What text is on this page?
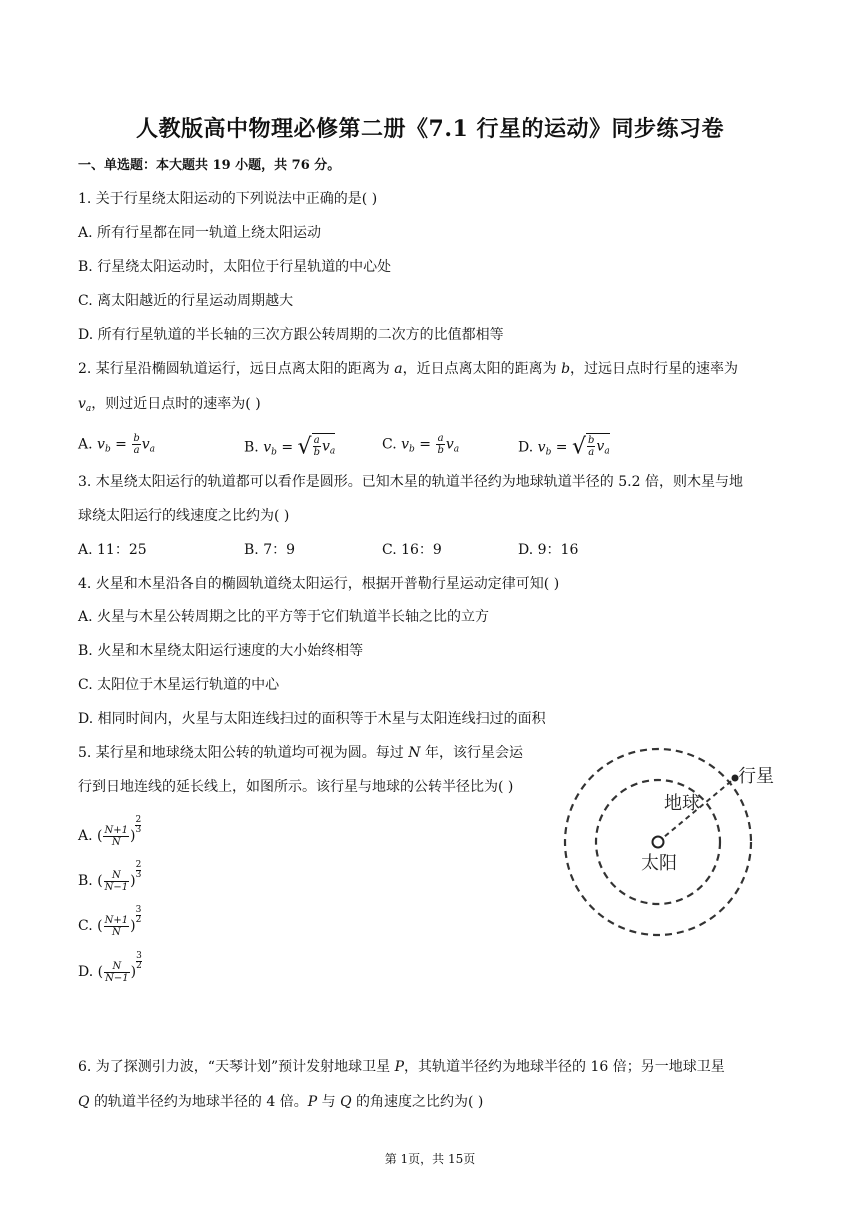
人教版高中物理必修第二册《7.1 行星的运动》同步练习卷
一、单选题：本大题共 19 小题，共 76 分。
1. 关于行星绕太阳运动的下列说法中正确的是( )
A. 所有行星都在同一轨道上绕太阳运动
B. 行星绕太阳运动时，太阳位于行星轨道的中心处
C. 离太阳越近的行星运动周期越大
D. 所有行星轨道的半长轴的三次方跟公转周期的二次方的比值都相等
2. 某行星沿椭圆轨道运行，远日点离太阳的距离为 a，近日点离太阳的距离为 b，过远日点时行星的速率为
$v_a$，则过近日点时的速率为( )
A. $v_b = \frac{b}{a} v_a$	B. $v_b$ = √ $\frac{a}{b} v_a$	C. $v_b = \frac{a}{b} v_a$	D. $v_b$ = √ $\frac{b}{a} v_a$
3. 木星绕太阳运行的轨道都可以看作是圆形。已知木星的轨道半径约为地球轨道半径的 5.2 倍，则木星与地
球绕太阳运行的线速度之比约为( )
A. 11：25	B. 7：9	C. 16：9	D. 9：16
4. 火星和木星沿各自的椭圆轨道绕太阳运行，根据开普勒行星运动定律可知( )
A. 火星与木星公转周期之比的平方等于它们轨道半长轴之比的立方
B. 火星和木星绕太阳运行速度的大小始终相等
C. 太阳位于木星运行轨道的中心
D. 相同时间内，火星与太阳连线扫过的面积等于木星与太阳连线扫过的面积
5. 某行星和地球绕太阳公转的轨道均可视为圆。每过 N 年，该行星会运
行到日地连线的延长线上，如图所示。该行星与地球的公转半径比为( )
A. ( $\frac{N+1}{N}$ )
$\frac{2}{3}$
B. ( $\frac{N}{N-1}$ )
$\frac{2}{3}$
C. ( $\frac{N+1}{N}$ )
$\frac{3}{2}$
D. ( $\frac{N}{N-1}$ )
$\frac{3}{2}$
行星
地球
太阳
6. 为了探测引力波，“天琴计划”预计发射地球卫星 P，其轨道半径约为地球半径的 16 倍；另一地球卫星
Q 的轨道半径约为地球半径的 4 倍。P 与 Q 的角速度之比约为( )
第 1页，共 15页
